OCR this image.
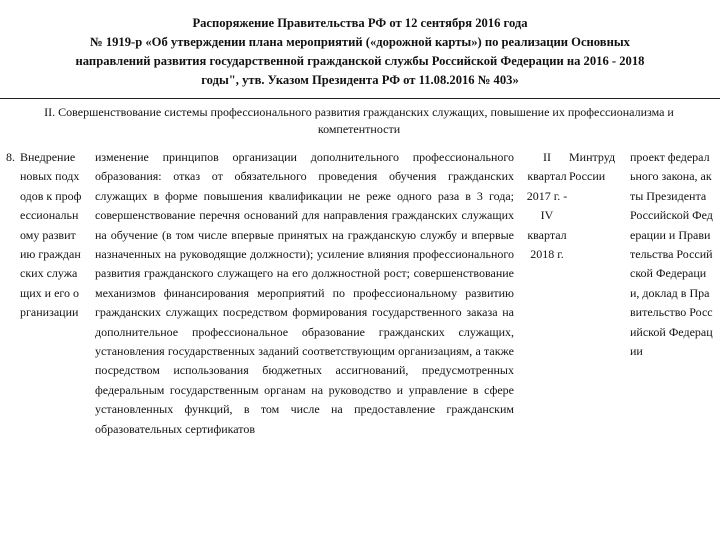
Распоряжение Правительства РФ от 12 сентября 2016 года
№ 1919-р «Об утверждении плана мероприятий («дорожной карты») по реализации Основных
направлений развития государственной гражданской службы Российской Федерации на 2016 - 2018
годы", утв. Указом Президента РФ от 11.08.2016 № 403»
II. Совершенствование системы профессионального развития гражданских служащих, повышение их профессионализма и компетентности
8. Внедрение новых подходов к профессиональному развитию гражданских служащих и его организации
изменение принципов организации дополнительного профессионального образования: отказ от обязательного проведения обучения гражданских служащих в форме повышения квалификации не реже одного раза в 3 года; совершенствование перечня оснований для направления гражданских служащих на обучение (в том числе впервые принятых на гражданскую службу и впервые назначенных на руководящие должности); усиление влияния профессионального развития гражданского служащего на его должностной рост; совершенствование механизмов финансирования мероприятий по профессиональному развитию гражданских служащих посредством формирования государственного заказа на дополнительное профессиональное образование гражданских служащих, установления государственных заданий соответствующим организациям, а также посредством использования бюджетных ассигнований, предусмотренных федеральным государственным органам на руководство и управление в сфере установленных функций, в том числе на предоставление гражданским образовательных сертификатов
II квартал 2017 г. - IV квартал 2018 г.
Минтруд России
проект федерального закона, акты Президента Российской Федерации и Правительства Российской Федерации, доклад в Правительство Российской Федерации
